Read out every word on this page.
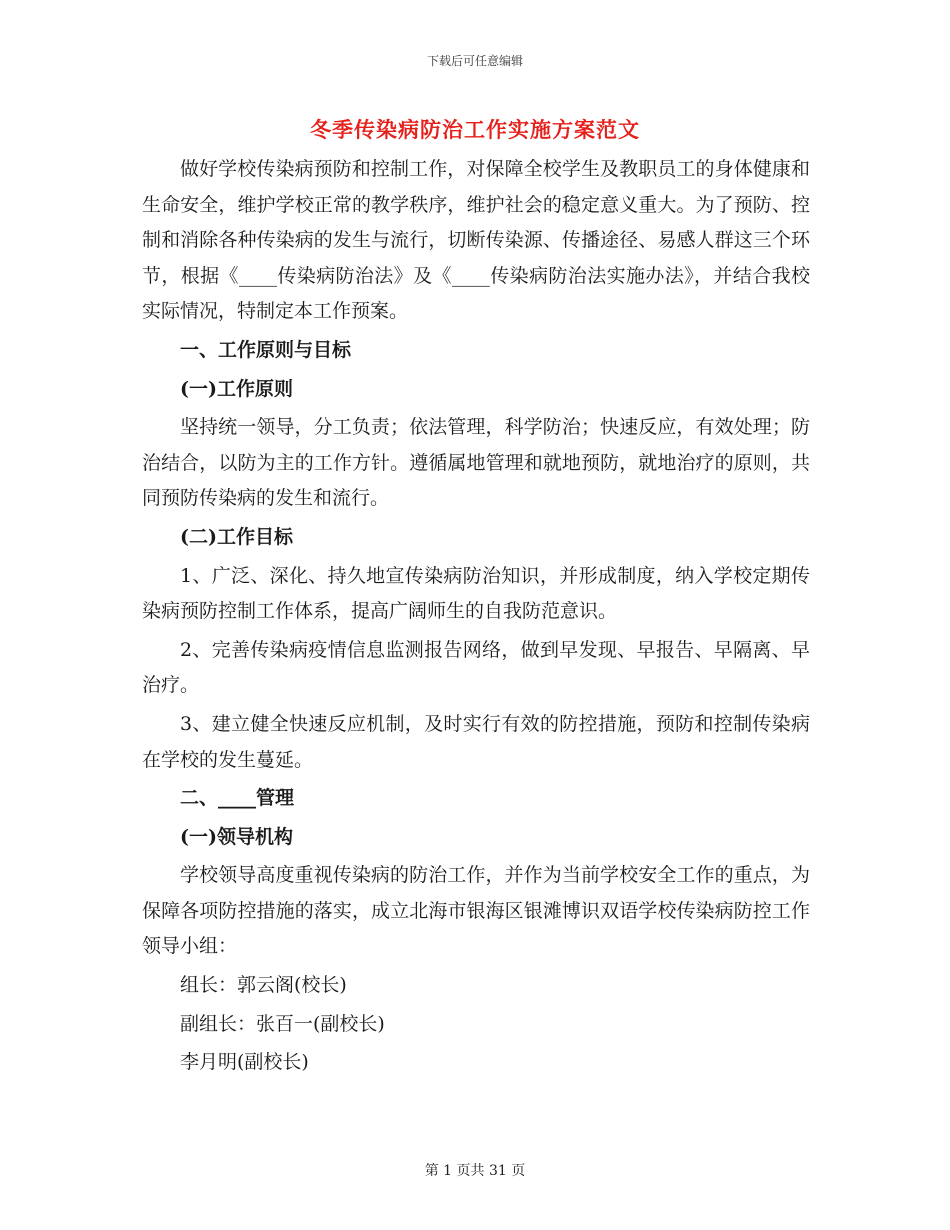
下载后可任意编辑
冬季传染病防治工作实施方案范文

做好学校传染病预防和控制工作，对保障全校学生及教职员工的身体健康和生命安全，维护学校正常的教学秩序，维护社会的稳定意义重大。为了预防、控制和消除各种传染病的发生与流行，切断传染源、传播途径、易感人群这三个环节，根据《____传染病防治法》及《____传染病防治法实施办法》，并结合我校实际情况，特制定本工作预案。

一、工作原则与目标

(一)工作原则

坚持统一领导，分工负责；依法管理，科学防治；快速反应，有效处理；防治结合，以防为主的工作方针。遵循属地管理和就地预防，就地治疗的原则，共同预防传染病的发生和流行。

(二)工作目标

1、广泛、深化、持久地宣传染病防治知识，并形成制度，纳入学校定期传染病预防控制工作体系，提高广阔师生的自我防范意识。

2、完善传染病疫情信息监测报告网络，做到早发现、早报告、早隔离、早治疗。

3、建立健全快速反应机制，及时实行有效的防控措施，预防和控制传染病在学校的发生蔓延。

二、____管理

(一)领导机构

学校领导高度重视传染病的防治工作，并作为当前学校安全工作的重点，为保障各项防控措施的落实，成立北海市银海区银滩博识双语学校传染病防控工作领导小组：

组长：郭云阁(校长)

副组长：张百一(副校长)

李月明(副校长)

第 1 页共 31 页
